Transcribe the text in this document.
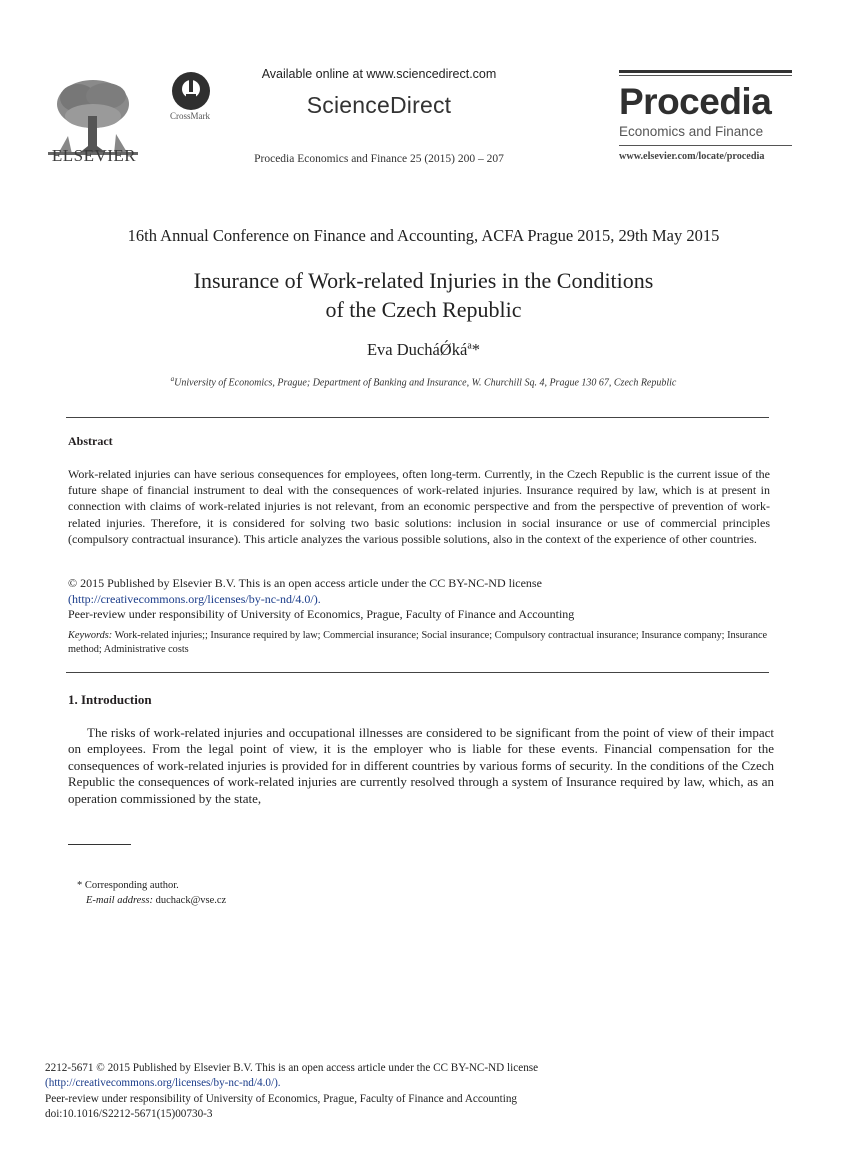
ELSEVIER
CrossMark
Available online at www.sciencedirect.com
ScienceDirect
Procedia Economics and Finance 25 (2015) 200 – 207
Procedia
Economics and Finance
www.elsevier.com/locate/procedia
16th Annual Conference on Finance and Accounting, ACFA Prague 2015, 29th May 2015
Insurance of Work-related Injuries in the Conditions
of the Czech Republic
Eva DucháǾká$^a$*
$^a$University of Economics, Prague; Department of Banking and Insurance, W. Churchill Sq. 4, Prague 130 67, Czech Republic
Abstract
Work-related injuries can have serious consequences for employees, often long-term. Currently, in the Czech Republic is the current issue of the future shape of financial instrument to deal with the consequences of work-related injuries. Insurance required by law, which is at present in connection with claims of work-related injuries is not relevant, from an economic perspective and from the perspective of prevention of work-related injuries. Therefore, it is considered for solving two basic solutions: inclusion in social insurance or use of commercial principles (compulsory contractual insurance). This article analyzes the various possible solutions, also in the context of the experience of other countries.
© 2015 Published by Elsevier B.V. This is an open access article under the CC BY-NC-ND license
(http://creativecommons.org/licenses/by-nc-nd/4.0/).
Peer-review under responsibility of University of Economics, Prague, Faculty of Finance and Accounting
Keywords: Work-related injuries;; Insurance required by law; Commercial insurance; Social insurance; Compulsory contractual insurance; Insurance company; Insurance method; Administrative costs
1. Introduction
The risks of work-related injuries and occupational illnesses are considered to be significant from the point of view of their impact on employees. From the legal point of view, it is the employer who is liable for these events. Financial compensation for the consequences of work-related injuries is provided for in different countries by various forms of security. In the conditions of the Czech Republic the consequences of work-related injuries are currently resolved through a system of Insurance required by law, which, as an operation commissioned by the state,
* Corresponding author.
E-mail address: duchack@vse.cz
2212-5671 © 2015 Published by Elsevier B.V. This is an open access article under the CC BY-NC-ND license
(http://creativecommons.org/licenses/by-nc-nd/4.0/).
Peer-review under responsibility of University of Economics, Prague, Faculty of Finance and Accounting
doi:10.1016/S2212-5671(15)00730-3
